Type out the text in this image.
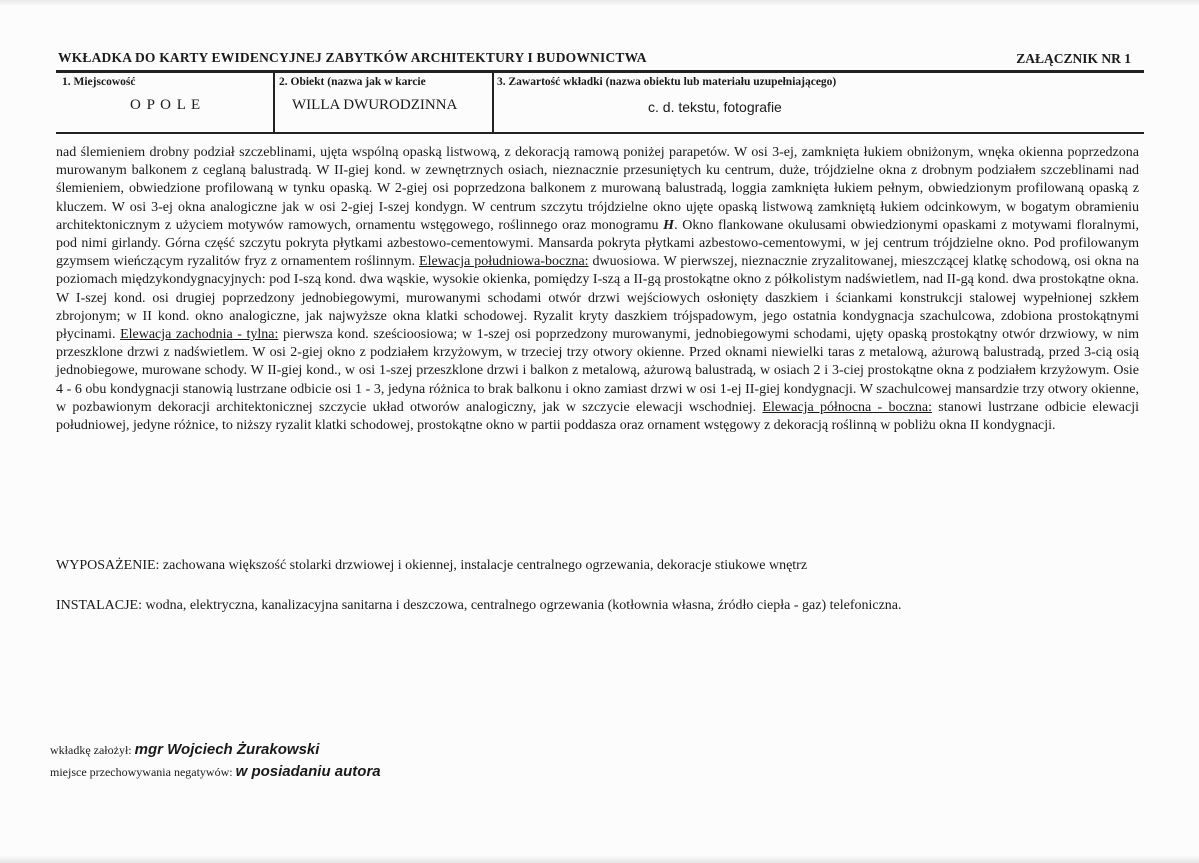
WKŁADKA DO KARTY EWIDENCYJNEJ ZABYTKÓW ARCHITEKTURY I BUDOWNICTWA	ZAŁĄCZNIK NR 1
1. Miejscowość
O P O L E
2. Obiekt (nazwa jak w karcie
WILLA DWURODZINNA
3. Zawartość wkładki (nazwa obiektu lub materiału uzupełniającego)
c. d. tekstu, fotografie
nad ślemieniem drobny podział szczeblinami, ujęta wspólną opaską listwową, z dekoracją ramową poniżej parapetów. W osi 3-ej, zamknięta łukiem obniżonym, wnęka okienna poprzedzona murowanym balkonem z ceglaną balustradą. W II-giej kond. w zewnętrznych osiach, nieznacznie przesuniętych ku centrum, duże, trójdzielne okna z drobnym podziałem szczeblinami nad ślemieniem, obwiedzione profilowaną w tynku opaską. W 2-giej osi poprzedzona balkonem z murowaną balustradą, loggia zamknięta łukiem pełnym, obwiedzionym profilowaną opaską z kluczem. W osi 3-ej okna analogiczne jak w osi 2-giej I-szej kondygn. W centrum szczytu trójdzielne okno ujęte opaską listwową zamkniętą łukiem odcinkowym, w bogatym obramieniu architektonicznym z użyciem motywów ramowych, ornamentu wstęgowego, roślinnego oraz monogramu H. Okno flankowane okulusami obwiedzionymi opaskami z motywami floralnymi, pod nimi girlandy. Górna część szczytu pokryta płytkami azbestowo-cementowymi. Mansarda pokryta płytkami azbestowo-cementowymi, w jej centrum trójdzielne okno. Pod profilowanym gzymsem wieńczącym ryzalitów fryz z ornamentem roślinnym. Elewacja południowa-boczna: dwuosiowa. W pierwszej, nieznacznie zryzalitowanej, mieszczącej klatkę schodową, osi okna na poziomach międzykondygnacyjnych: pod I-szą kond. dwa wąskie, wysokie okienka, pomiędzy I-szą a II-gą prostokątne okno z półkolistym nadświetlem, nad II-gą kond. dwa prostokątne okna. W I-szej kond. osi drugiej poprzedzony jednobiegowymi, murowanymi schodami otwór drzwi wejściowych osłonięty daszkiem i ściankami konstrukcji stalowej wypełnionej szkłem zbrojonym; w II kond. okno analogiczne, jak najwyższe okna klatki schodowej. Ryzalit kryty daszkiem trójspadowym, jego ostatnia kondygnacja szachulcowa, zdobiona prostokątnymi płycinami. Elewacja zachodnia - tylna: pierwsza kond. sześcioosiowa; w 1-szej osi poprzedzony murowanymi, jednobiegowymi schodami, ujęty opaską prostokątny otwór drzwiowy, w nim przeszklone drzwi z nadświetlem. W osi 2-giej okno z podziałem krzyżowym, w trzeciej trzy otwory okienne. Przed oknami niewielki taras z metalową, ażurową balustradą, przed 3-cią osią jednobiegowe, murowane schody. W II-giej kond., w osi 1-szej przeszklone drzwi i balkon z metalową, ażurową balustradą, w osiach 2 i 3-ciej prostokątne okna z podziałem krzyżowym. Osie 4 - 6 obu kondygnacji stanowią lustrzane odbicie osi 1 - 3, jedyna różnica to brak balkonu i okno zamiast drzwi w osi 1-ej II-giej kondygnacji. W szachulcowej mansardzie trzy otwory okienne, w pozbawionym dekoracji architektonicznej szczycie układ otworów analogiczny, jak w szczycie elewacji wschodniej. Elewacja północna - boczna: stanowi lustrzane odbicie elewacji południowej, jedyne różnice, to niższy ryzalit klatki schodowej, prostokątne okno w partii poddasza oraz ornament wstęgowy z dekoracją roślinną w pobliżu okna II kondygnacji.
WYPOSAŻENIE: zachowana większość stolarki drzwiowej i okiennej, instalacje centralnego ogrzewania, dekoracje stiukowe wnętrz
INSTALACJE: wodna, elektryczna, kanalizacyjna sanitarna i deszczowa, centralnego ogrzewania (kotłownia własna, źródło ciepła - gaz) telefoniczna.
wkładkę założył: mgr Wojciech Żurakowski
miejsce przechowywania negatywów: w posiadaniu autora
